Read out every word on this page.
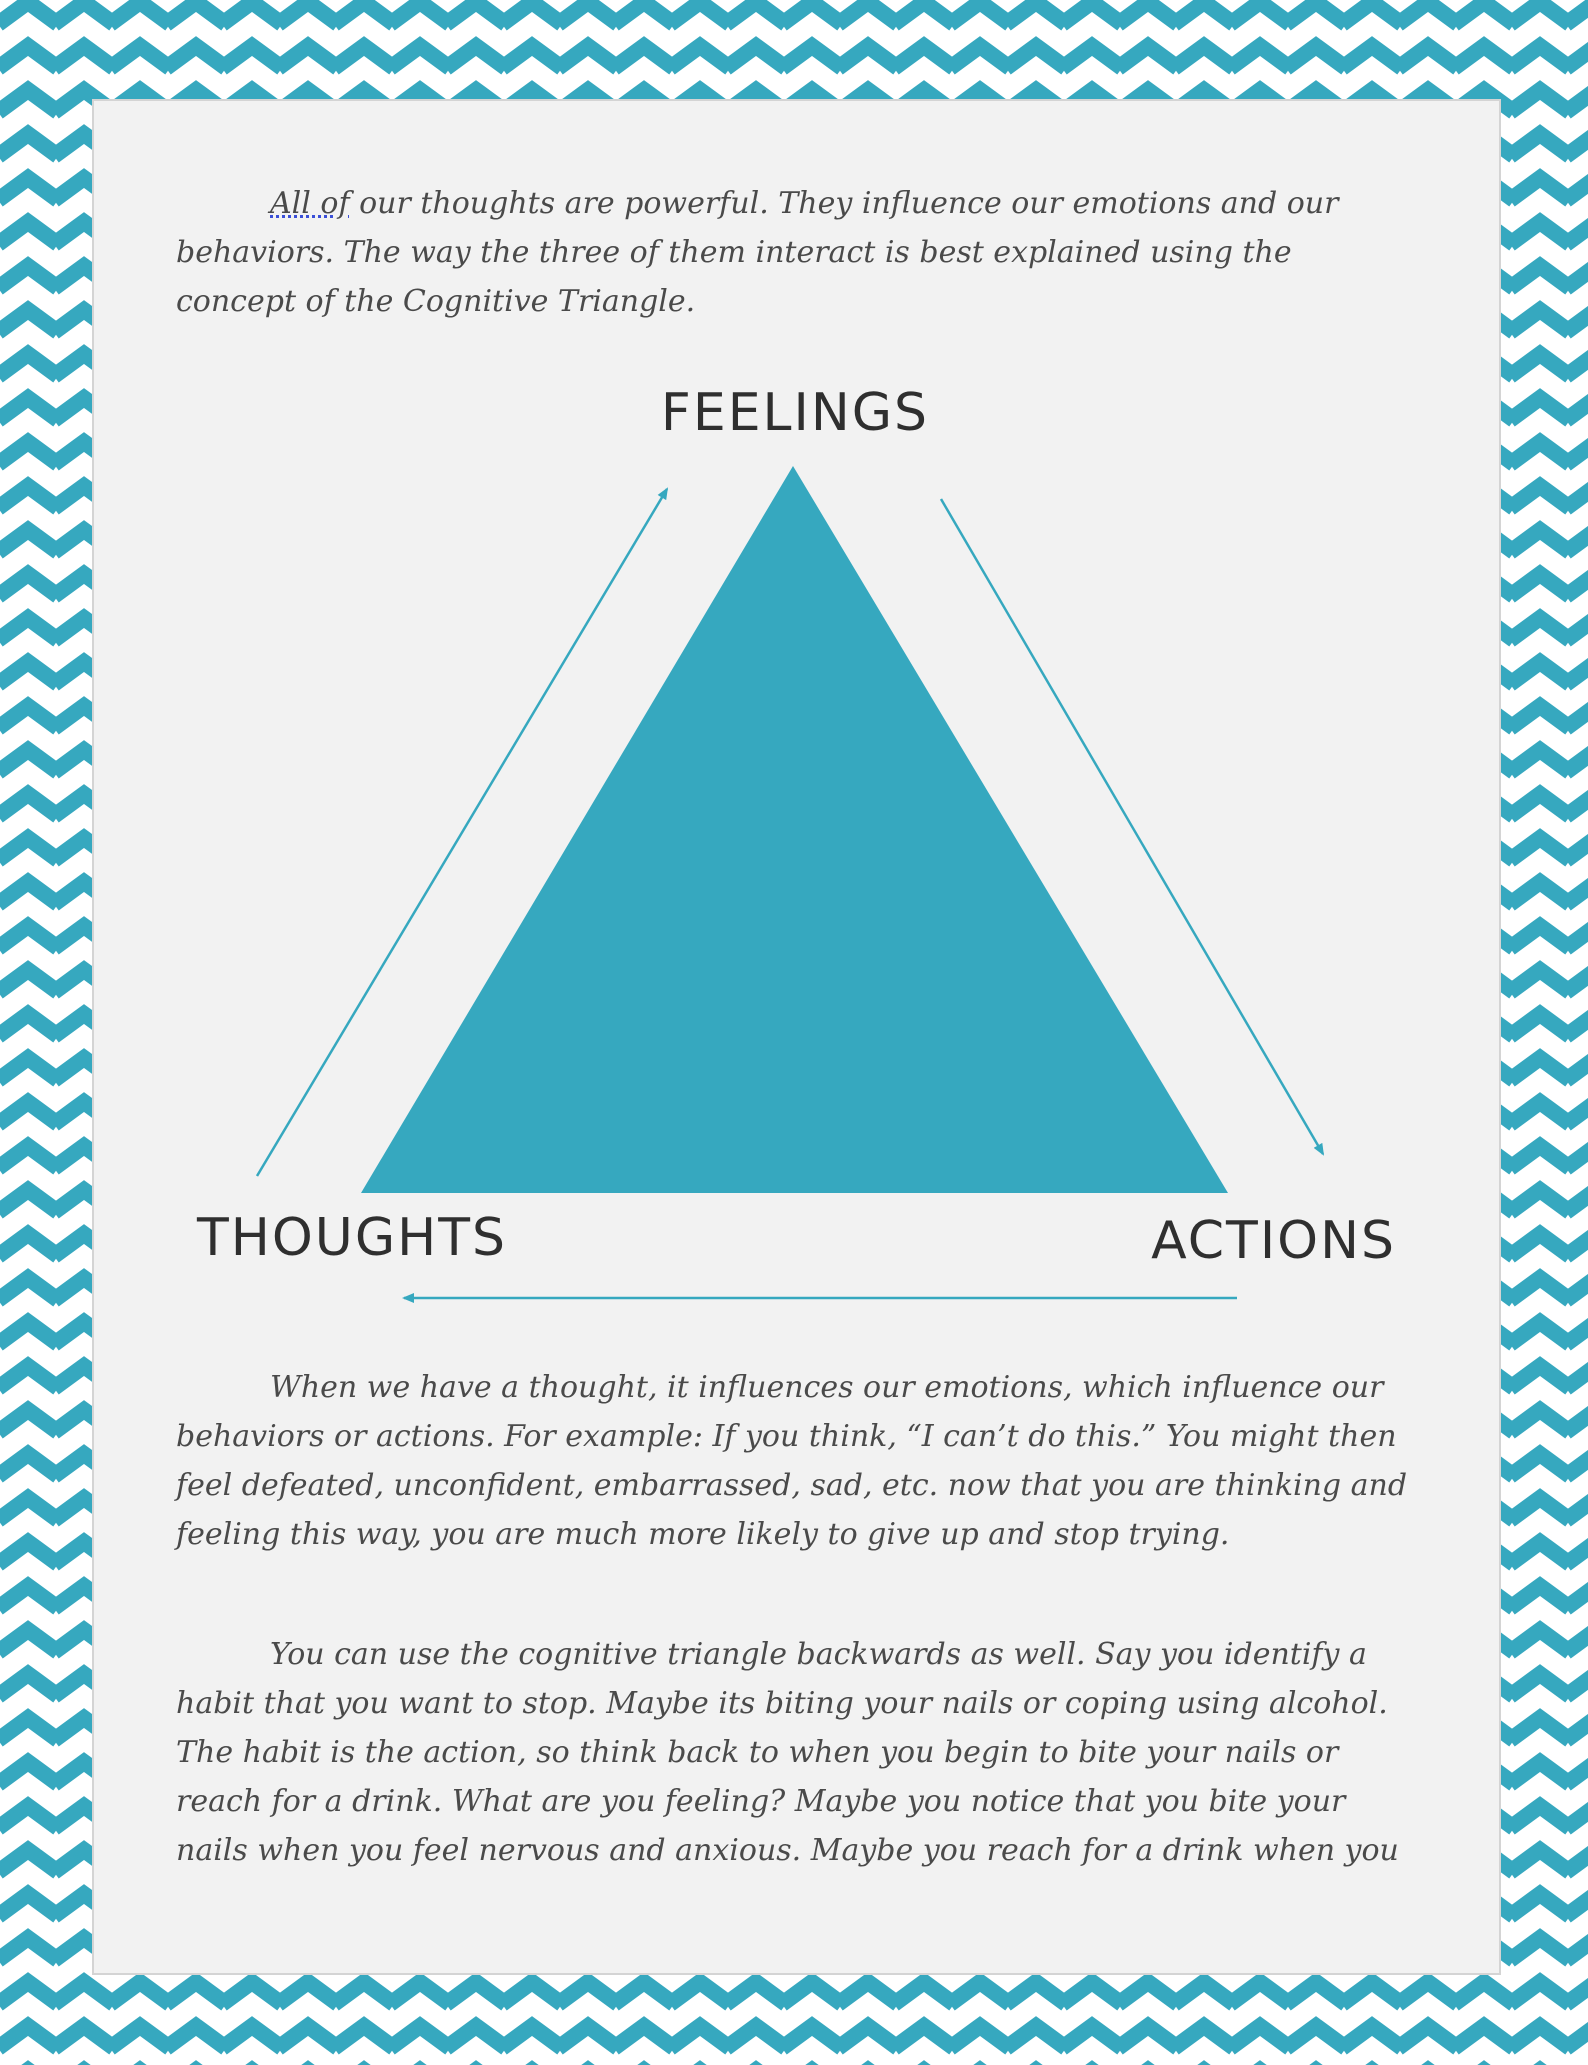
All of our thoughts are powerful. They influence our emotions and our behaviors. The way the three of them interact is best explained using the concept of the Cognitive Triangle.

FEELINGS
THOUGHTS	ACTIONS

When we have a thought, it influences our emotions, which influence our behaviors or actions. For example: If you think, “I can’t do this.” You might then feel defeated, unconfident, embarrassed, sad, etc. now that you are thinking and feeling this way, you are much more likely to give up and stop trying.

You can use the cognitive triangle backwards as well. Say you identify a habit that you want to stop. Maybe its biting your nails or coping using alcohol. The habit is the action, so think back to when you begin to bite your nails or reach for a drink. What are you feeling? Maybe you notice that you bite your nails when you feel nervous and anxious. Maybe you reach for a drink when you
